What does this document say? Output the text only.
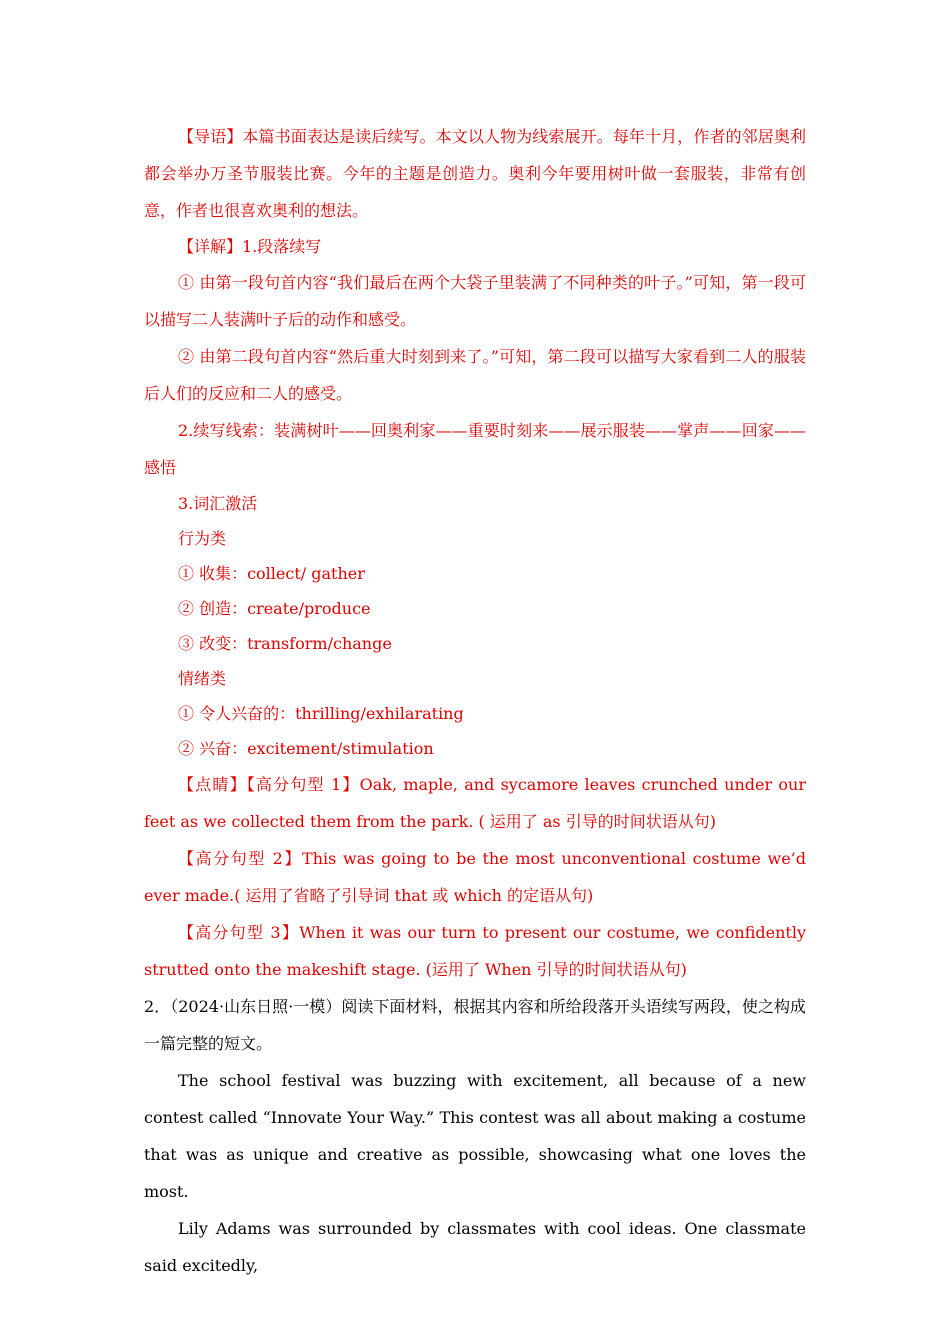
【导语】本篇书面表达是读后续写。本文以人物为线索展开。每年十月，作者的邻居奥利都会举办万圣节服装比赛。今年的主题是创造力。奥利今年要用树叶做一套服装，非常有创意，作者也很喜欢奥利的想法。

【详解】1.段落续写

① 由第一段句首内容“我们最后在两个大袋子里装满了不同种类的叶子。”可知，第一段可以描写二人装满叶子后的动作和感受。

② 由第二段句首内容“然后重大时刻到来了。”可知，第二段可以描写大家看到二人的服装后人们的反应和二人的感受。

2.续写线索：装满树叶——回奥利家——重要时刻来——展示服装——掌声——回家——感悟

3.词汇激活

行为类

① 收集：collect/ gather

② 创造：create/produce

③ 改变：transform/change

情绪类

① 令人兴奋的：thrilling/exhilarating

② 兴奋：excitement/stimulation

【点睛】【高分句型 1】Oak, maple, and sycamore leaves crunched under our feet as we collected them from the park. ( 运用了 as 引导的时间状语从句)

【高分句型 2】This was going to be the most unconventional costume we’d ever made.( 运用了省略了引导词 that 或 which 的定语从句)

【高分句型 3】When it was our turn to present our costume, we confidently strutted onto the makeshift stage. (运用了 When 引导的时间状语从句)

2．（2024·山东日照·一模）阅读下面材料，根据其内容和所给段落开头语续写两段，使之构成一篇完整的短文。

The school festival was buzzing with excitement, all because of a new contest called “Innovate Your Way.” This contest was all about making a costume that was as unique and creative as possible, showcasing what one loves the most.

Lily Adams was surrounded by classmates with cool ideas. One classmate said excitedly,
